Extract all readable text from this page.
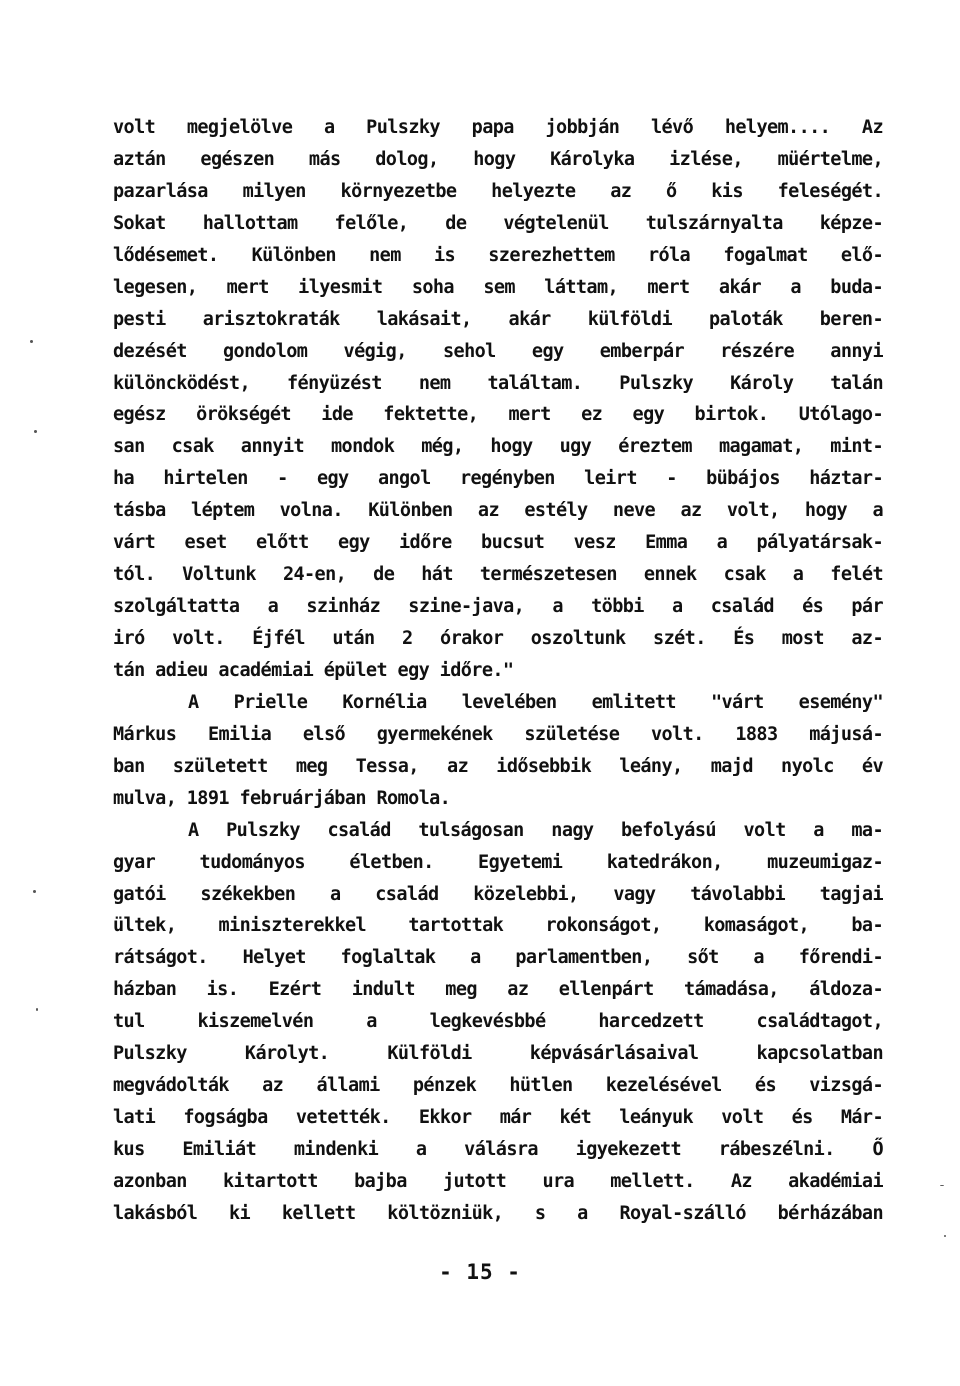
volt megjelölve a Pulszky papa jobbján lévő helyem.... Az
aztán egészen más dolog, hogy Károlyka izlése, müértelme,
pazarlása milyen környezetbe helyezte az ő kis feleségét.
Sokat hallottam felőle, de végtelenül tulszárnyalta képze-
lődésemet. Különben nem is szerezhettem róla fogalmat elő-
legesen, mert ilyesmit soha sem láttam, mert akár a buda-
pesti arisztokraták lakásait, akár külföldi paloták beren-
dezését gondolom végig, sehol egy emberpár részére annyi
különcködést, fényüzést nem találtam. Pulszky Károly talán
egész örökségét ide fektette, mert ez egy birtok. Utólago-
san csak annyit mondok még, hogy ugy éreztem magamat, mint-
ha hirtelen - egy angol regényben leirt - bübájos háztar-
tásba léptem volna. Különben az estély neve az volt, hogy a
várt eset előtt egy időre bucsut vesz Emma a pályatársak-
tól. Voltunk 24-en, de hát természetesen ennek csak a felét
szolgáltatta a szinház szine-java, a többi a család és pár
iró volt. Éjfél után 2 órakor oszoltunk szét. És most az-
tán adieu académiai épület egy időre."
A Prielle Kornélia levelében emlitett "várt esemény"
Márkus Emilia első gyermekének születése volt. 1883 májusá-
ban született meg Tessa, az idősebbik leány, majd nyolc év
mulva, 1891 februárjában Romola.
A Pulszky család tulságosan nagy befolyású volt a ma-
gyar tudományos életben. Egyetemi katedrákon, muzeumigaz-
gatói székekben a család közelebbi, vagy távolabbi tagjai
ültek, miniszterekkel tartottak rokonságot, komaságot, ba-
rátságot. Helyet foglaltak a parlamentben, sőt a főrendi-
házban is. Ezért indult meg az ellenpárt támadása, áldoza-
tul kiszemelvén a legkevésbbé harcedzett családtagot,
Pulszky Károlyt. Külföldi képvásárlásaival kapcsolatban
megvádolták az állami pénzek hütlen kezelésével és vizsgá-
lati fogságba vetették. Ekkor már két leányuk volt és Már-
kus Emiliát mindenki a válásra igyekezett rábeszélni. Ő
azonban kitartott bajba jutott ura mellett. Az akadémiai
lakásból ki kellett költözniük, s a Royal-szálló bérházában
- 15 -
